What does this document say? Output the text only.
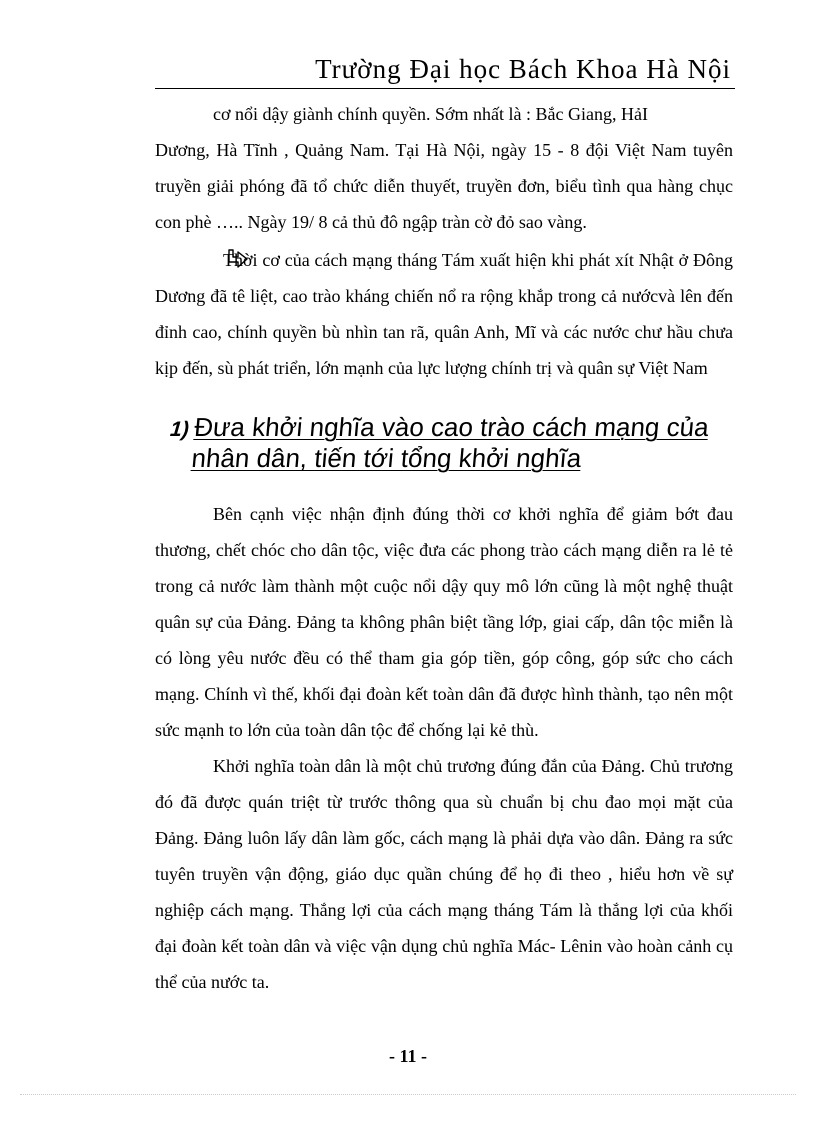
Trường Đại học Bách Khoa Hà Nội

cơ nổi dậy giành chính quyền. Sớm nhất là : Bắc Giang, HảI

Dương, Hà Tĩnh , Quảng Nam. Tại Hà Nội, ngày 15 - 8 đội Việt Nam tuyên truyền giải phóng đã tổ chức diễn thuyết, truyền đơn, biểu tình qua hàng chục con phè ….. Ngày 19/ 8 cả thủ đô ngập tràn cờ đỏ sao vàng.

Thời cơ của cách mạng tháng Tám xuất hiện khi phát xít Nhật ở Đông Dương đã tê liệt, cao trào kháng chiến nổ ra rộng khắp trong cả nướcvà lên đến đỉnh cao, chính quyền bù nhìn tan rã, quân Anh, Mĩ và các nước chư hầu chưa kịp đến, sù phát triển, lớn mạnh của lực lượng chính trị và quân sự Việt Nam

1) Đưa khởi nghĩa vào cao trào cách mạng của nhân dân, tiến tới tổng khởi nghĩa

Bên cạnh việc nhận định đúng thời cơ khởi nghĩa để giảm bớt đau thương, chết chóc cho dân tộc, việc đưa các phong trào cách mạng diễn ra lẻ tẻ trong cả nước làm thành một cuộc nổi dậy quy mô lớn cũng là một nghệ thuật quân sự của Đảng. Đảng ta không phân biệt tầng lớp, giai cấp, dân tộc miễn là có lòng yêu nước đều có thể tham gia góp tiền, góp công, góp sức cho cách mạng. Chính vì thế, khối đại đoàn kết toàn dân đã được hình thành, tạo nên một sức mạnh to lớn của toàn dân tộc để chống lại kẻ thù.

Khởi nghĩa toàn dân là một chủ trương đúng đắn của Đảng. Chủ trương đó đã được quán triệt từ trước thông qua sù chuẩn bị chu đao mọi mặt của Đảng. Đảng luôn lấy dân làm gốc, cách mạng là phải dựa vào dân. Đảng ra sức tuyên truyền vận động, giáo dục quần chúng để họ đi theo , hiểu hơn về sự nghiệp cách mạng. Thắng lợi của cách mạng tháng Tám là thắng lợi của khối đại đoàn kết toàn dân và việc vận dụng chủ nghĩa Mác- Lênin vào hoàn cảnh cụ thể của nước ta.

- 11 -
